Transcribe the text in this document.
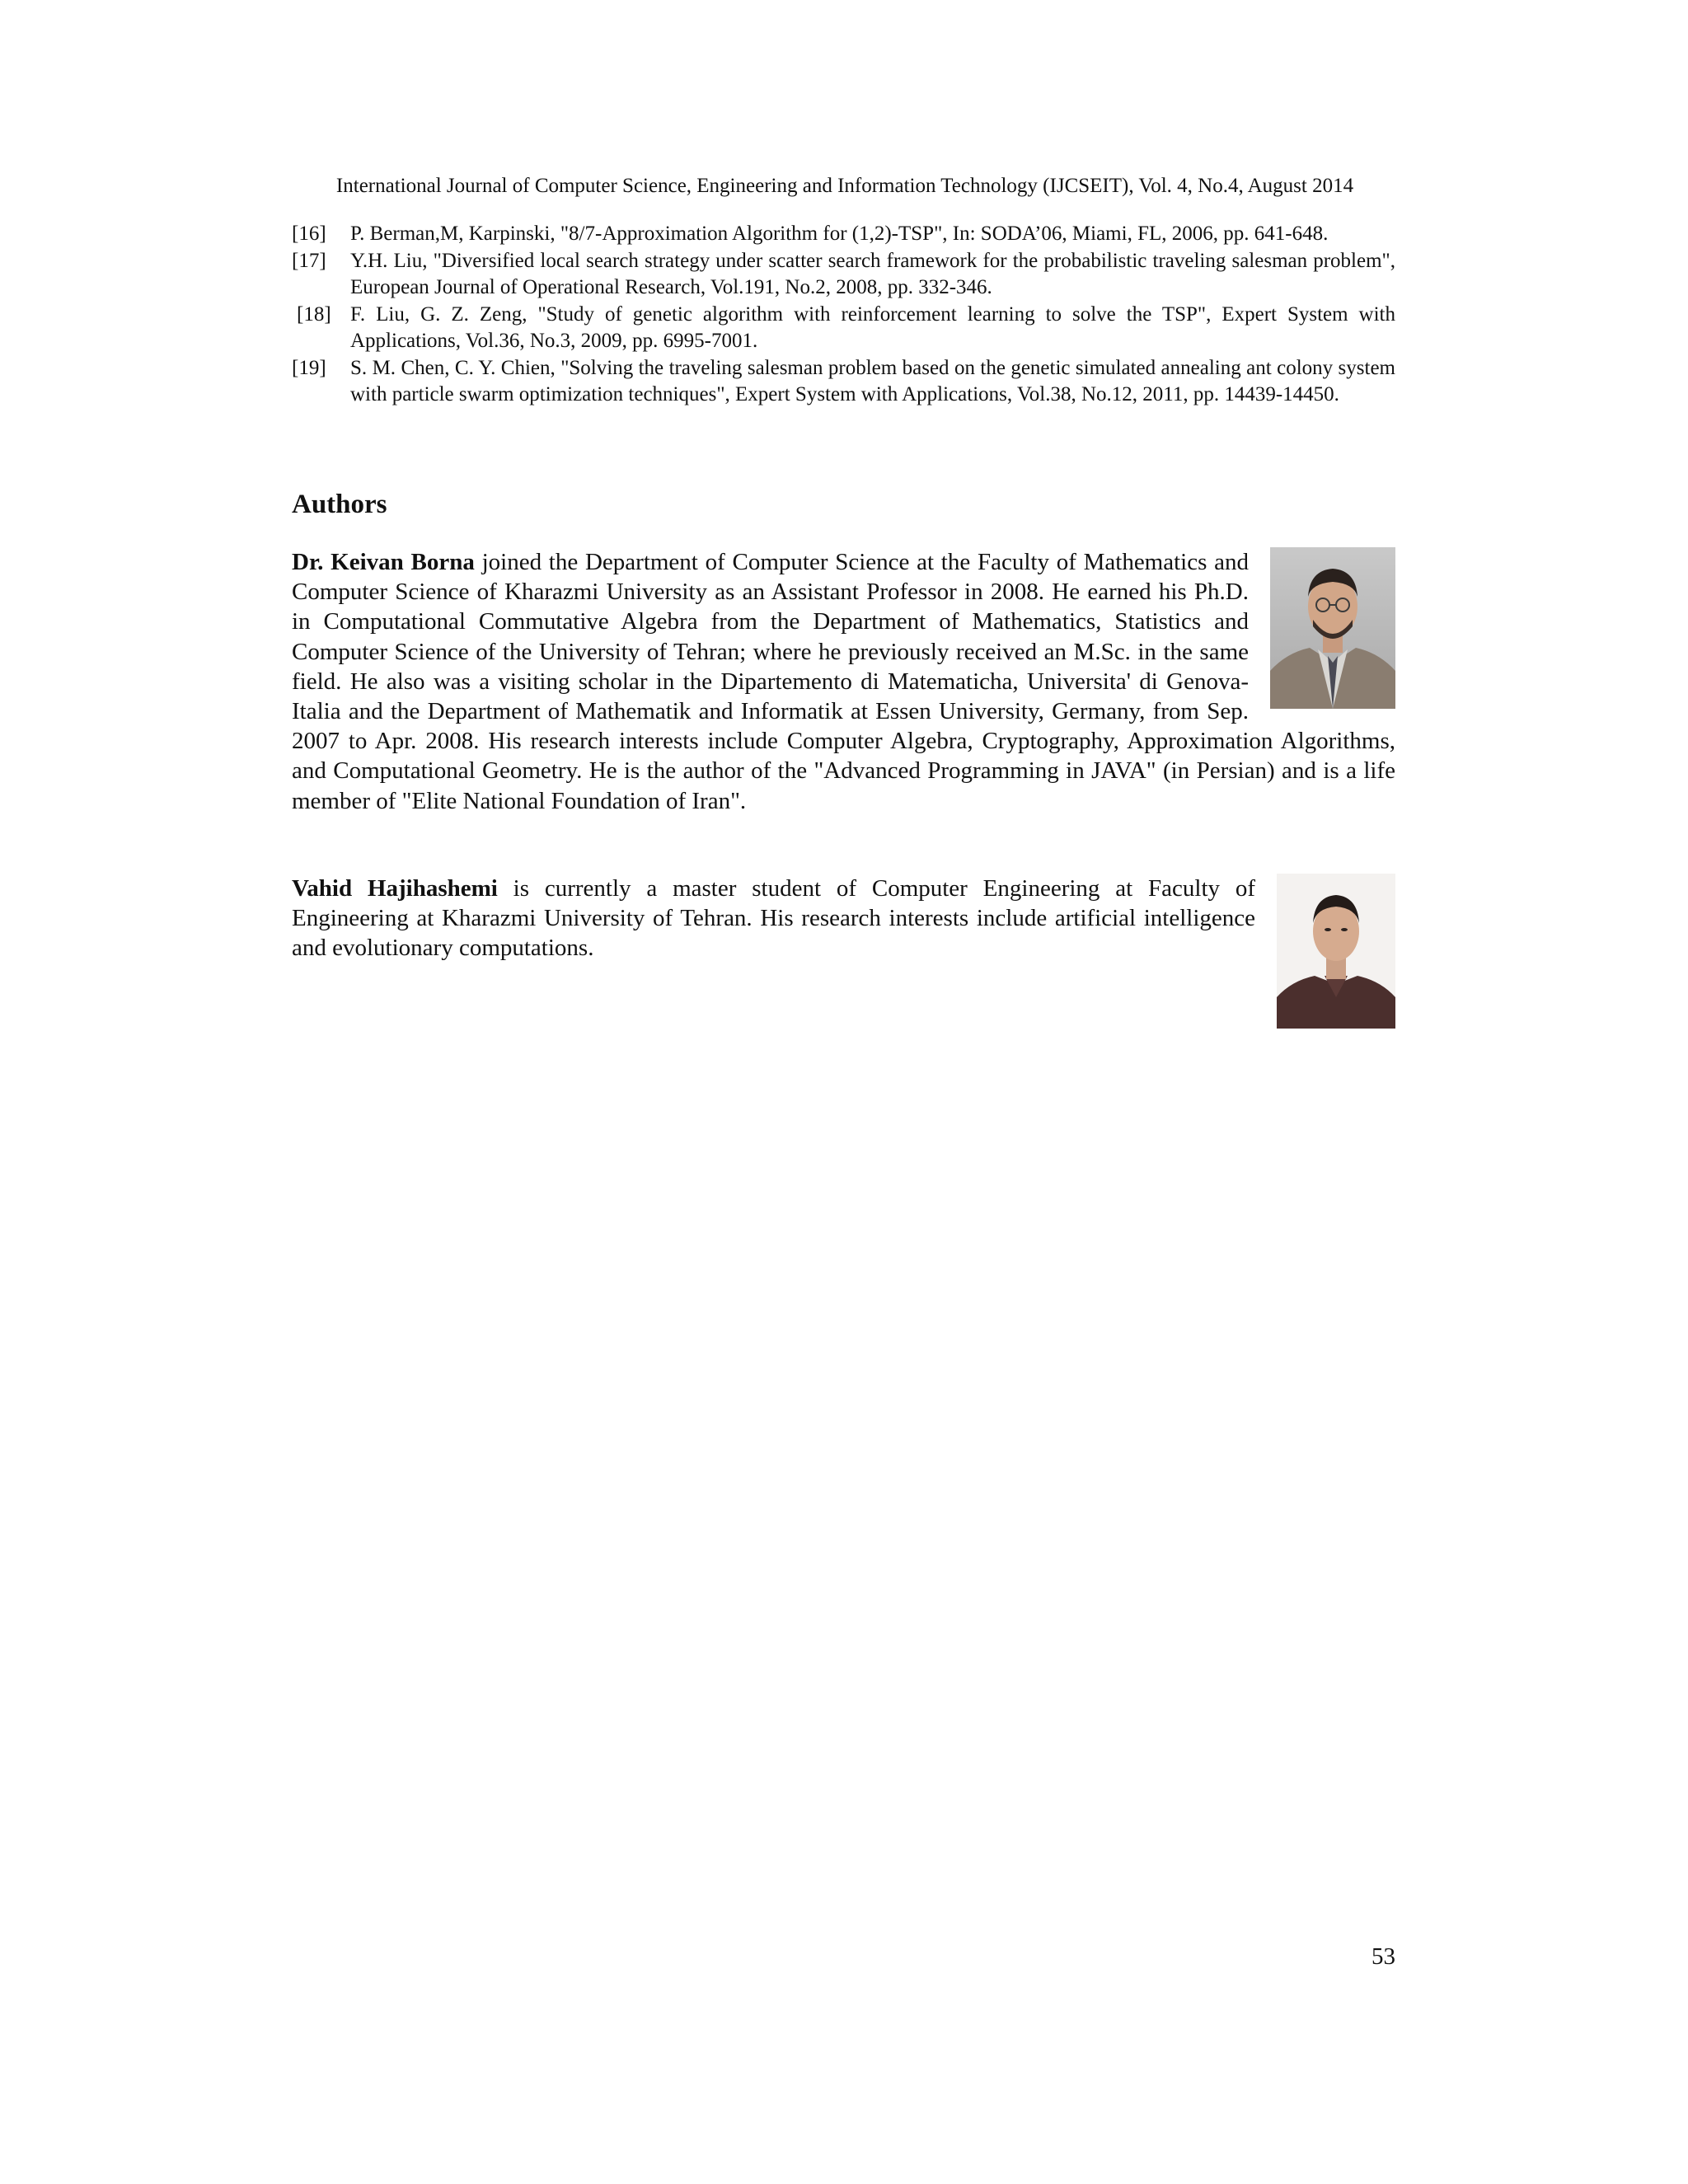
International Journal of Computer Science, Engineering and Information Technology (IJCSEIT), Vol. 4, No.4, August 2014
[16] P. Berman,M, Karpinski, "8/7-Approximation Algorithm for (1,2)-TSP", In: SODA’06, Miami, FL, 2006, pp. 641-648.
[17] Y.H. Liu, "Diversified local search strategy under scatter search framework for the probabilistic traveling salesman problem", European Journal of Operational Research, Vol.191, No.2, 2008, pp. 332-346.
[18] F. Liu, G. Z. Zeng, "Study of genetic algorithm with reinforcement learning to solve the TSP", Expert System with Applications, Vol.36, No.3, 2009, pp. 6995-7001.
[19] S. M. Chen, C. Y. Chien, "Solving the traveling salesman problem based on the genetic simulated annealing ant colony system with particle swarm optimization techniques", Expert System with Applications, Vol.38, No.12, 2011, pp. 14439-14450.
Authors

Dr. Keivan Borna joined the Department of Computer Science at the Faculty of Mathematics and Computer Science of Kharazmi University as an Assistant Professor in 2008. He earned his Ph.D. in Computational Commutative Algebra from the Department of Mathematics, Statistics and Computer Science of the University of Tehran; where he previously received an M.Sc. in the same field. He also was a visiting scholar in the Dipartemento di Matematicha, Universita' di Genova- Italia and the Department of Mathematik and Informatik at Essen University, Germany, from Sep. 2007 to Apr. 2008. His research interests include Computer Algebra, Cryptography, Approximation Algorithms, and Computational Geometry. He is the author of the "Advanced Programming in JAVA" (in Persian) and is a life member of "Elite National Foundation of Iran".

Vahid Hajihashemi is currently a master student of Computer Engineering at Faculty of Engineering at Kharazmi University of Tehran. His research interests include artificial intelligence and evolutionary computations.

53
